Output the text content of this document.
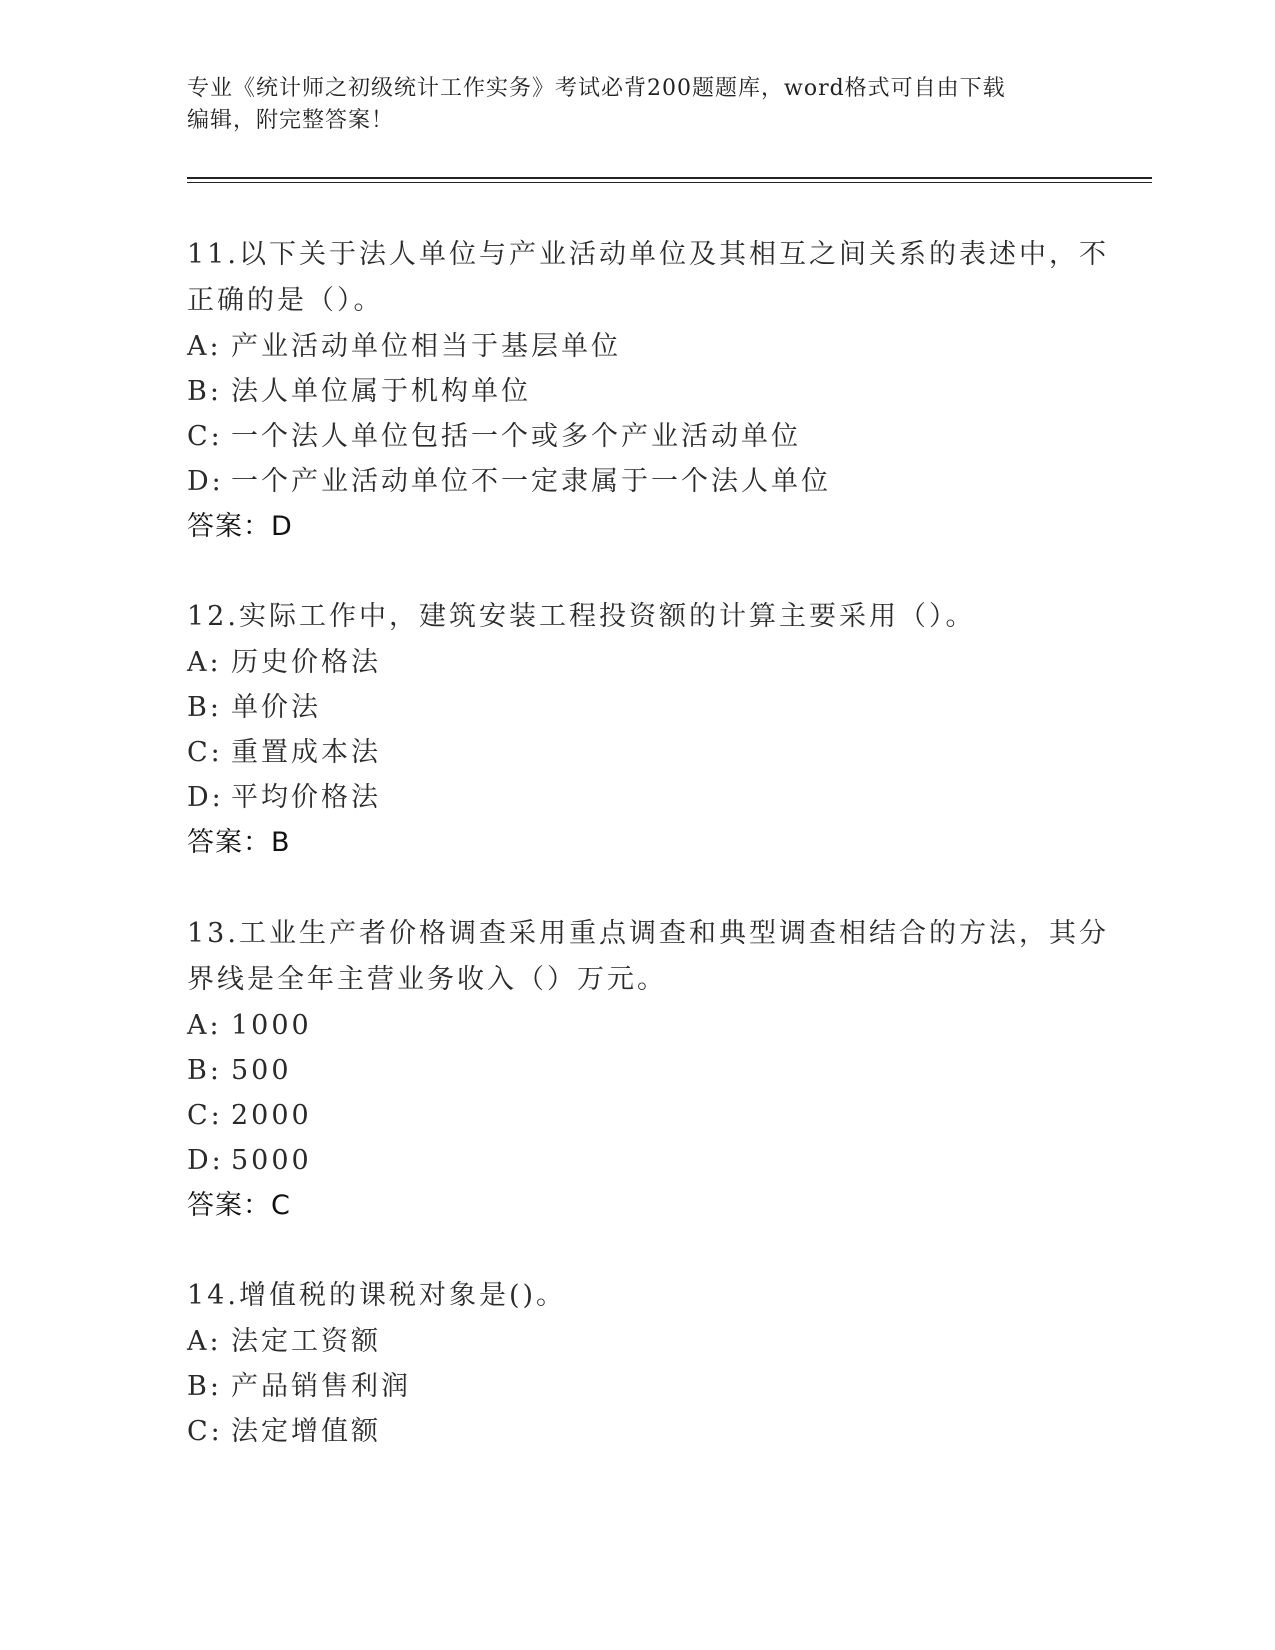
专业《统计师之初级统计工作实务》考试必背200题题库，word格式可自由下载
编辑，附完整答案！
11.以下关于法人单位与产业活动单位及其相互之间关系的表述中，不
正确的是（）。
A: 产业活动单位相当于基层单位
B: 法人单位属于机构单位
C: 一个法人单位包括一个或多个产业活动单位
D: 一个产业活动单位不一定隶属于一个法人单位
答案：D
12.实际工作中，建筑安装工程投资额的计算主要采用（）。
A: 历史价格法
B: 单价法
C: 重置成本法
D: 平均价格法
答案：B
13.工业生产者价格调查采用重点调查和典型调查相结合的方法，其分
界线是全年主营业务收入（）万元。
A: 1000
B: 500
C: 2000
D: 5000
答案：C
14.增值税的课税对象是()。
A: 法定工资额
B: 产品销售利润
C: 法定增值额
